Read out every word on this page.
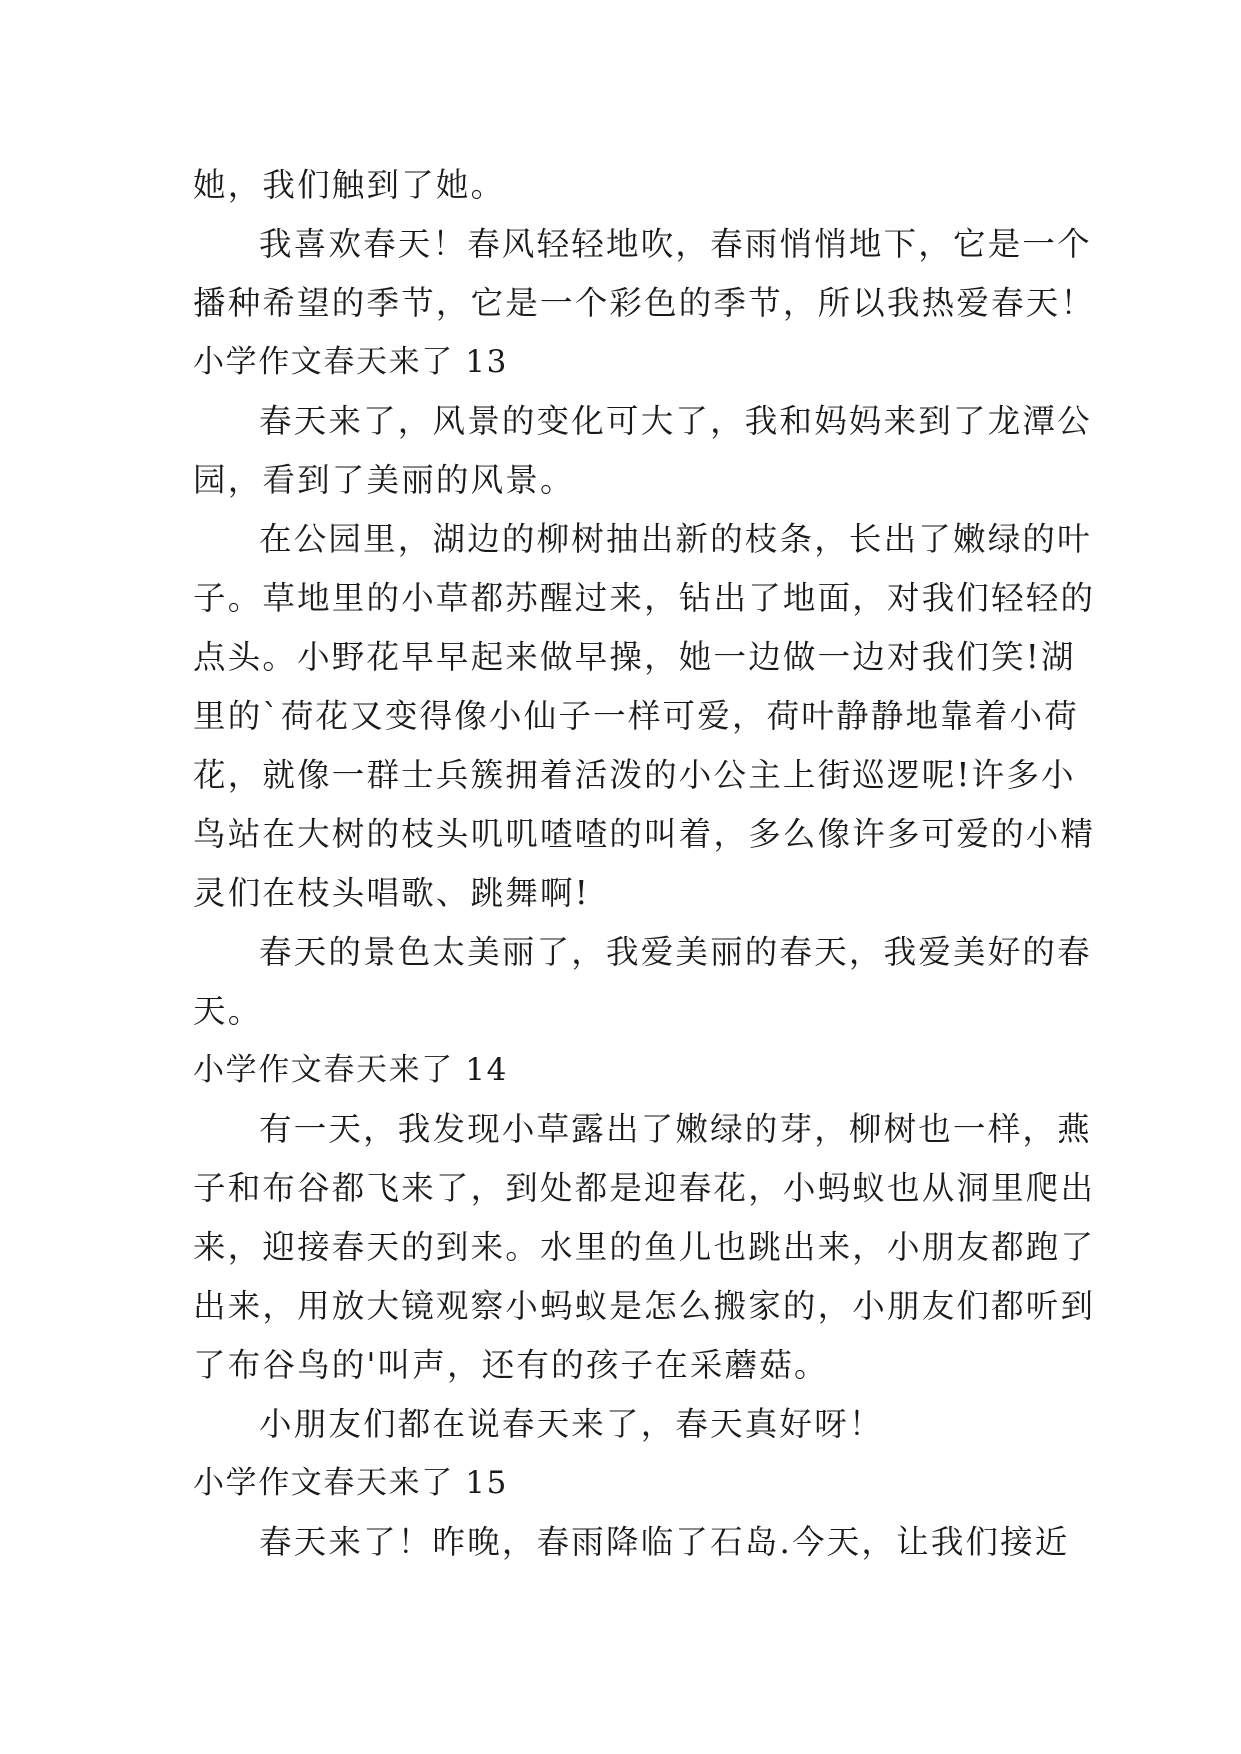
她，我们触到了她。
我喜欢春天！春风轻轻地吹，春雨悄悄地下，它是一个
播种希望的季节，它是一个彩色的季节，所以我热爱春天！
小学作文春天来了 13
春天来了，风景的变化可大了，我和妈妈来到了龙潭公
园，看到了美丽的风景。
在公园里，湖边的柳树抽出新的枝条，长出了嫩绿的叶
子。草地里的小草都苏醒过来，钻出了地面，对我们轻轻的
点头。小野花早早起来做早操，她一边做一边对我们笑!湖
里的`荷花又变得像小仙子一样可爱，荷叶静静地靠着小荷
花，就像一群士兵簇拥着活泼的小公主上街巡逻呢!许多小
鸟站在大树的枝头叽叽喳喳的叫着，多么像许多可爱的小精
灵们在枝头唱歌、跳舞啊!
春天的景色太美丽了，我爱美丽的春天，我爱美好的春
天。
小学作文春天来了 14
有一天，我发现小草露出了嫩绿的芽，柳树也一样，燕
子和布谷都飞来了，到处都是迎春花，小蚂蚁也从洞里爬出
来，迎接春天的到来。水里的鱼儿也跳出来，小朋友都跑了
出来，用放大镜观察小蚂蚁是怎么搬家的，小朋友们都听到
了布谷鸟的'叫声，还有的孩子在采蘑菇。
小朋友们都在说春天来了，春天真好呀！
小学作文春天来了 15
春天来了！昨晚，春雨降临了石岛.今天，让我们接近
